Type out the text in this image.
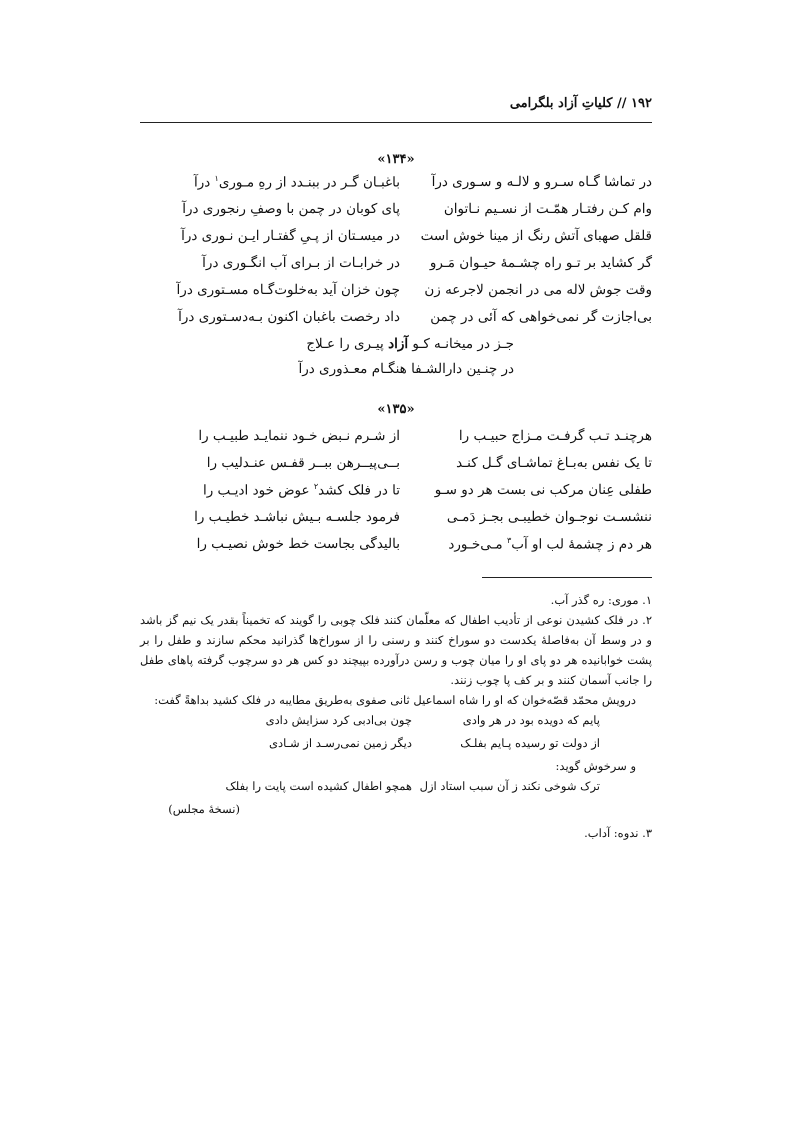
۱۹۲ // کلیاتِ آزاد بلگرامی
«۱۳۴»
در تماشا گـاه سـرو و لالـه و سـوری درآ
باغبـان گـر در ببنـدد از رهِ مـوری$^۱$ درآ
وام کـن رفتـار همّـت از نسـیم نـاتوان
پای کوبان در چمن با وصفِ رنجوری درآ
قلقل صهبای آتش رنگ از مینا خوش است
در میسـتان از پـیِ گفتـار ایـن نـوری درآ
گر کشاید بر تـو راه چشـمۀ حیـوان مَـرو
در خرابـات از بـرای آب انگـوری درآ
وقت جوش لاله می در انجمن لاجرعه زن
چون خزان آید به‌خلوت‌گـاه مسـتوری درآ
بی‌اجازت گر نمی‌خواهی که آئی در چمن
داد رخصت باغبان اکنون بـه‌دسـتوری درآ
جـز در میخانـه کـو آزاد پیـری را عـلاج
در چنـین دارالشـفا هنگـام معـذوری درآ
«۱۳۵»
هرچنـد تـب گرفـت مـزاج حبیـب را
از شـرم نـبض خـود ننمایـد طبیـب را
تا یک نفس به‌بـاغ تماشـای گـل کنـد
بــی‌پیــرهن ببــر قفـس عنـدلیب را
طفلی عِنان مرکب نی بست هر دو سـو
تا در فلک کشد$^۲$ عوض خود ادیـب را
ننشسـت نوجـوان خطیبـی بجـز دَمـی
فرمود جلسـه بـیش نباشـد خطیـب را
هر دم ز چشمۀ لب او آب$^۳$ مـی‌خـورد
بالیدگی بجاست خط خوش نصیـب را
۱. موری: ره گذر آب.
۲. در فلک کشیدن نوعی از تأدیب اطفال که معلّمان کنند فلک چوبی را گویند که تخمیناً بقدر یک نیم گز باشد و در وسط آن به‌فاصلۀ یکدست دو سوراخ کنند و رسنی را از سوراخ‌ها گذرانید محکم سازند و طفل را بر پشت خوابانیده هر دو پای او را میان چوب و رسن درآورده بپیچند دو کس هر دو سرچوب گرفته پاهای طفل را جانب آسمان کنند و بر کف پا چوب زنند.
درویش محمّد قصّه‌خوان که او را شاه اسماعیل ثانی صفوی به‌طریق مطایبه در فلک کشید بداهةً گفت:
پایم که دویده بود در هر وادی
چون بی‌ادبی کرد سزایش دادی
از دولت تو رسیده پـایم بفلـک
دیگر زمین نمی‌رسـد از شـادی
و سرخوش گوید:
ترک شوخی نکند ز آن سبب استاد ازل
همچو اطفال کشیده است پایت را بفلک
(نسخۀ مجلس)
۳. ندوه: آداب.
